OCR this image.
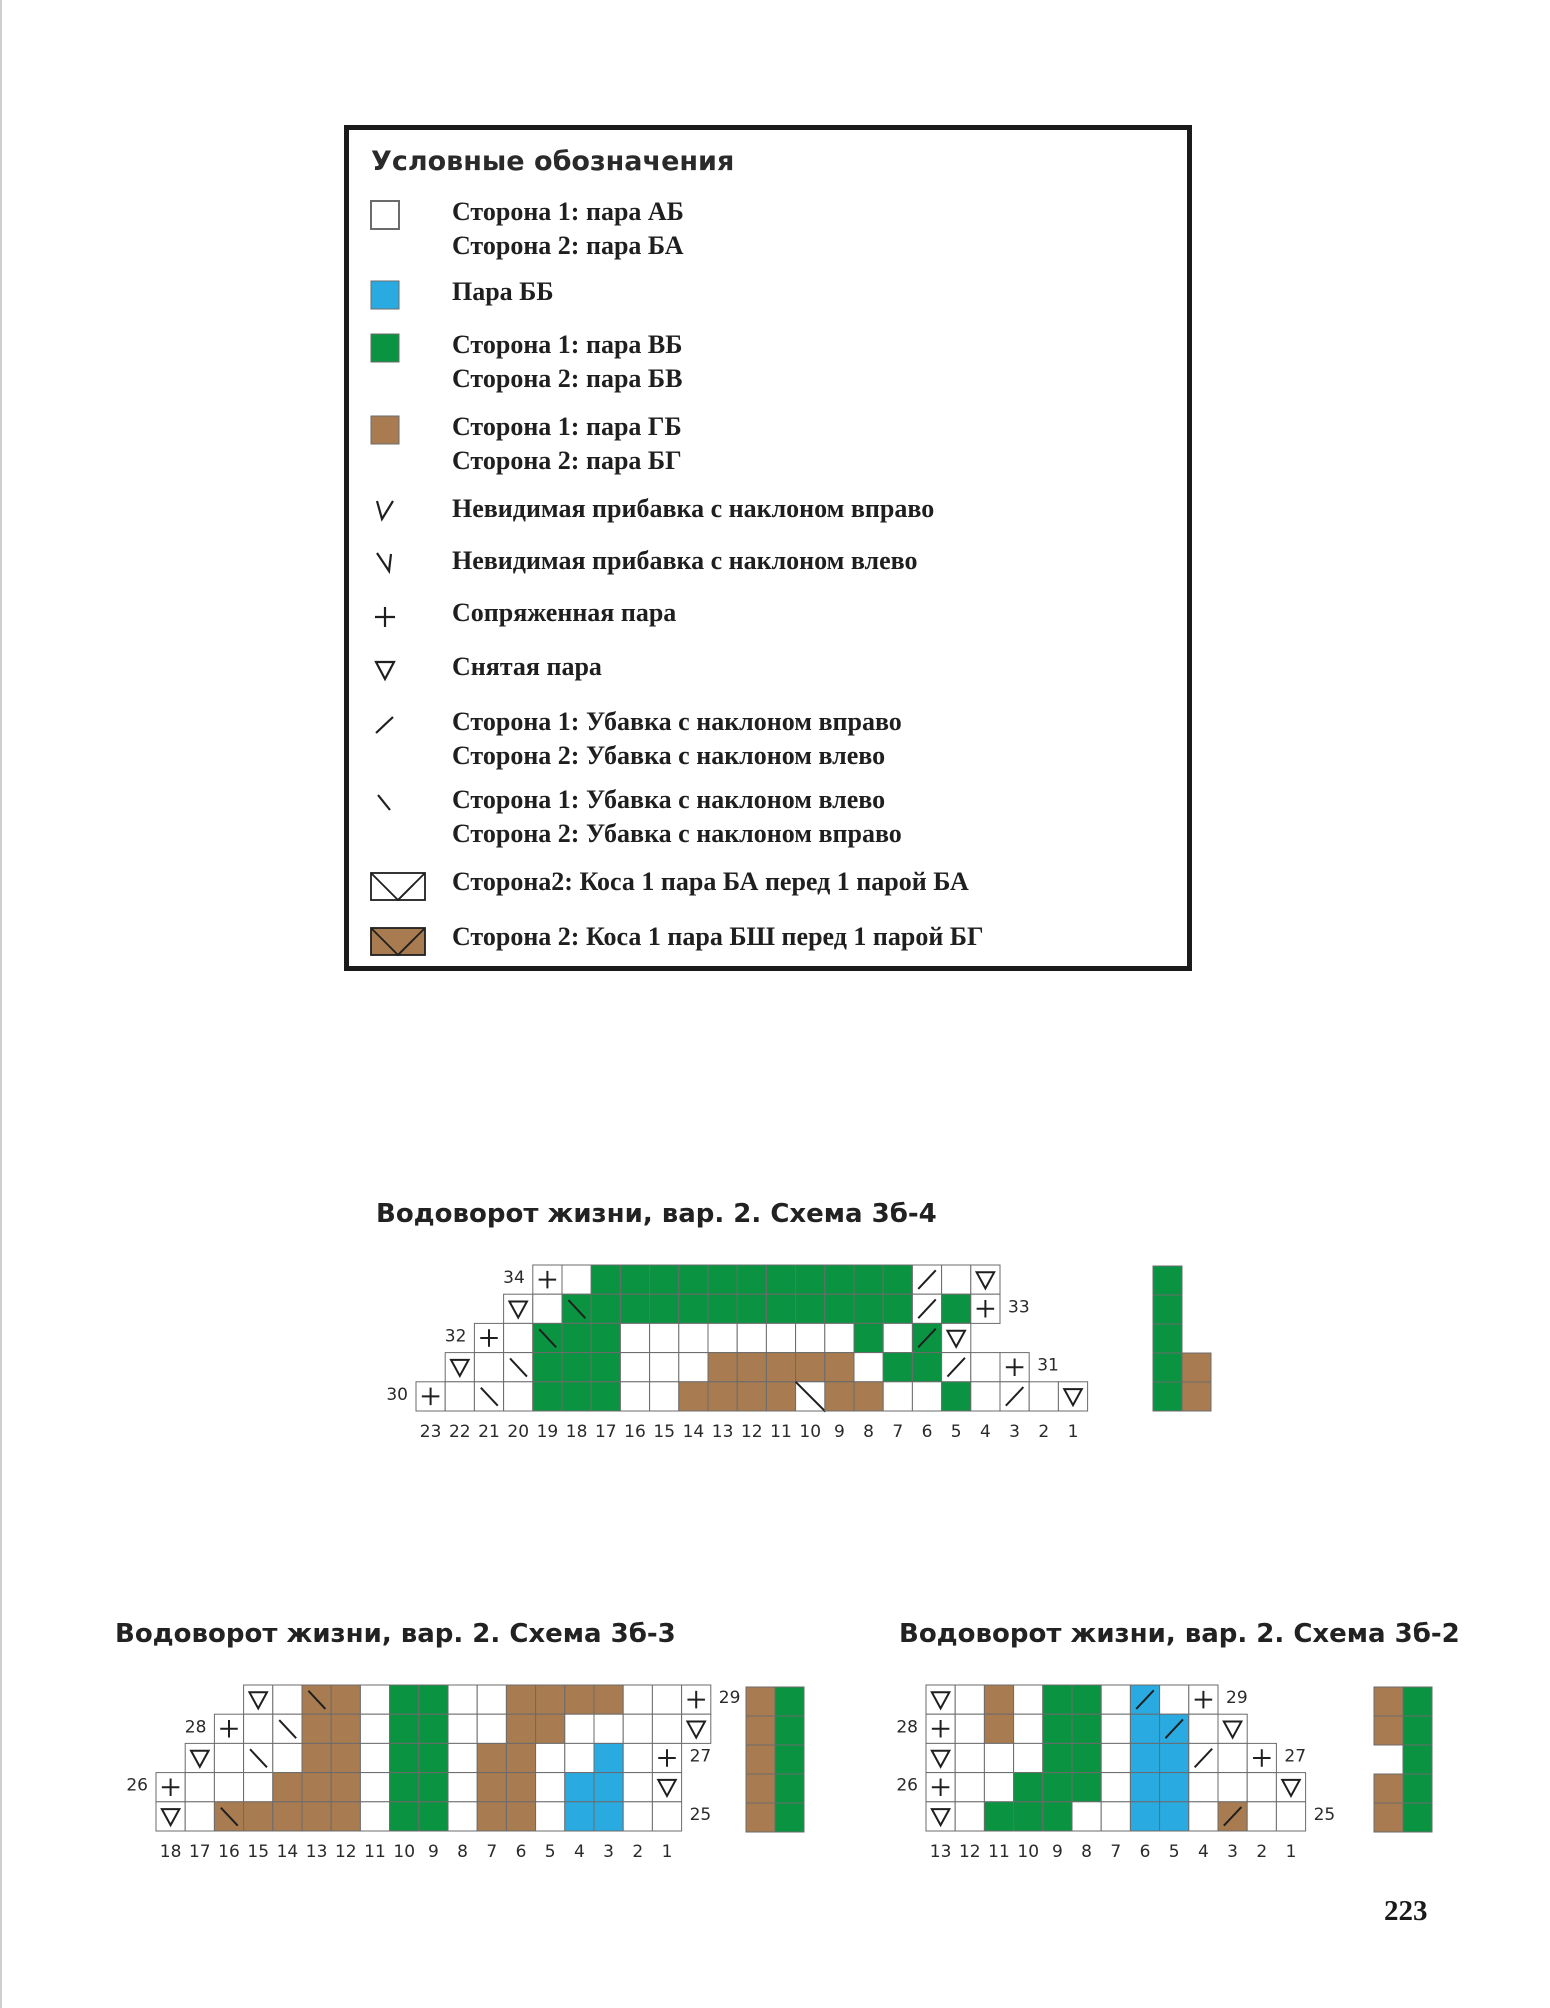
Условные обозначения
Сторона 1: пара АБ
Сторона 2: пара БА
Пара ББ
Сторона 1: пара ВБ
Сторона 2: пара БВ
Сторона 1: пара ГБ
Сторона 2: пара БГ
Невидимая прибавка с наклоном вправо
Невидимая прибавка с наклоном влево
Сопряженная пара
Снятая пара
Сторона 1: Убавка с наклоном вправо
Сторона 2: Убавка с наклоном влево
Сторона 1: Убавка с наклоном влево
Сторона 2: Убавка с наклоном вправо
Сторона2: Коса 1 пара БА перед 1 парой БА
Сторона 2: Коса 1 пара БШ перед 1 парой БГ
Водоворот жизни, вар. 2. Схема 3б-4
34
33
32
31
30
23 22 21 20 19 18 17 16 15 14 13 12 11 10 9 8 7 6 5 4 3 2 1
Водоворот жизни, вар. 2. Схема 3б-3
29
28
27
26
25
18 17 16 15 14 13 12 11 10 9 8 7 6 5 4 3 2 1
Водоворот жизни, вар. 2. Схема 3б-2
29
28
27
26
25
13 12 11 10 9 8 7 6 5 4 3 2 1
223
